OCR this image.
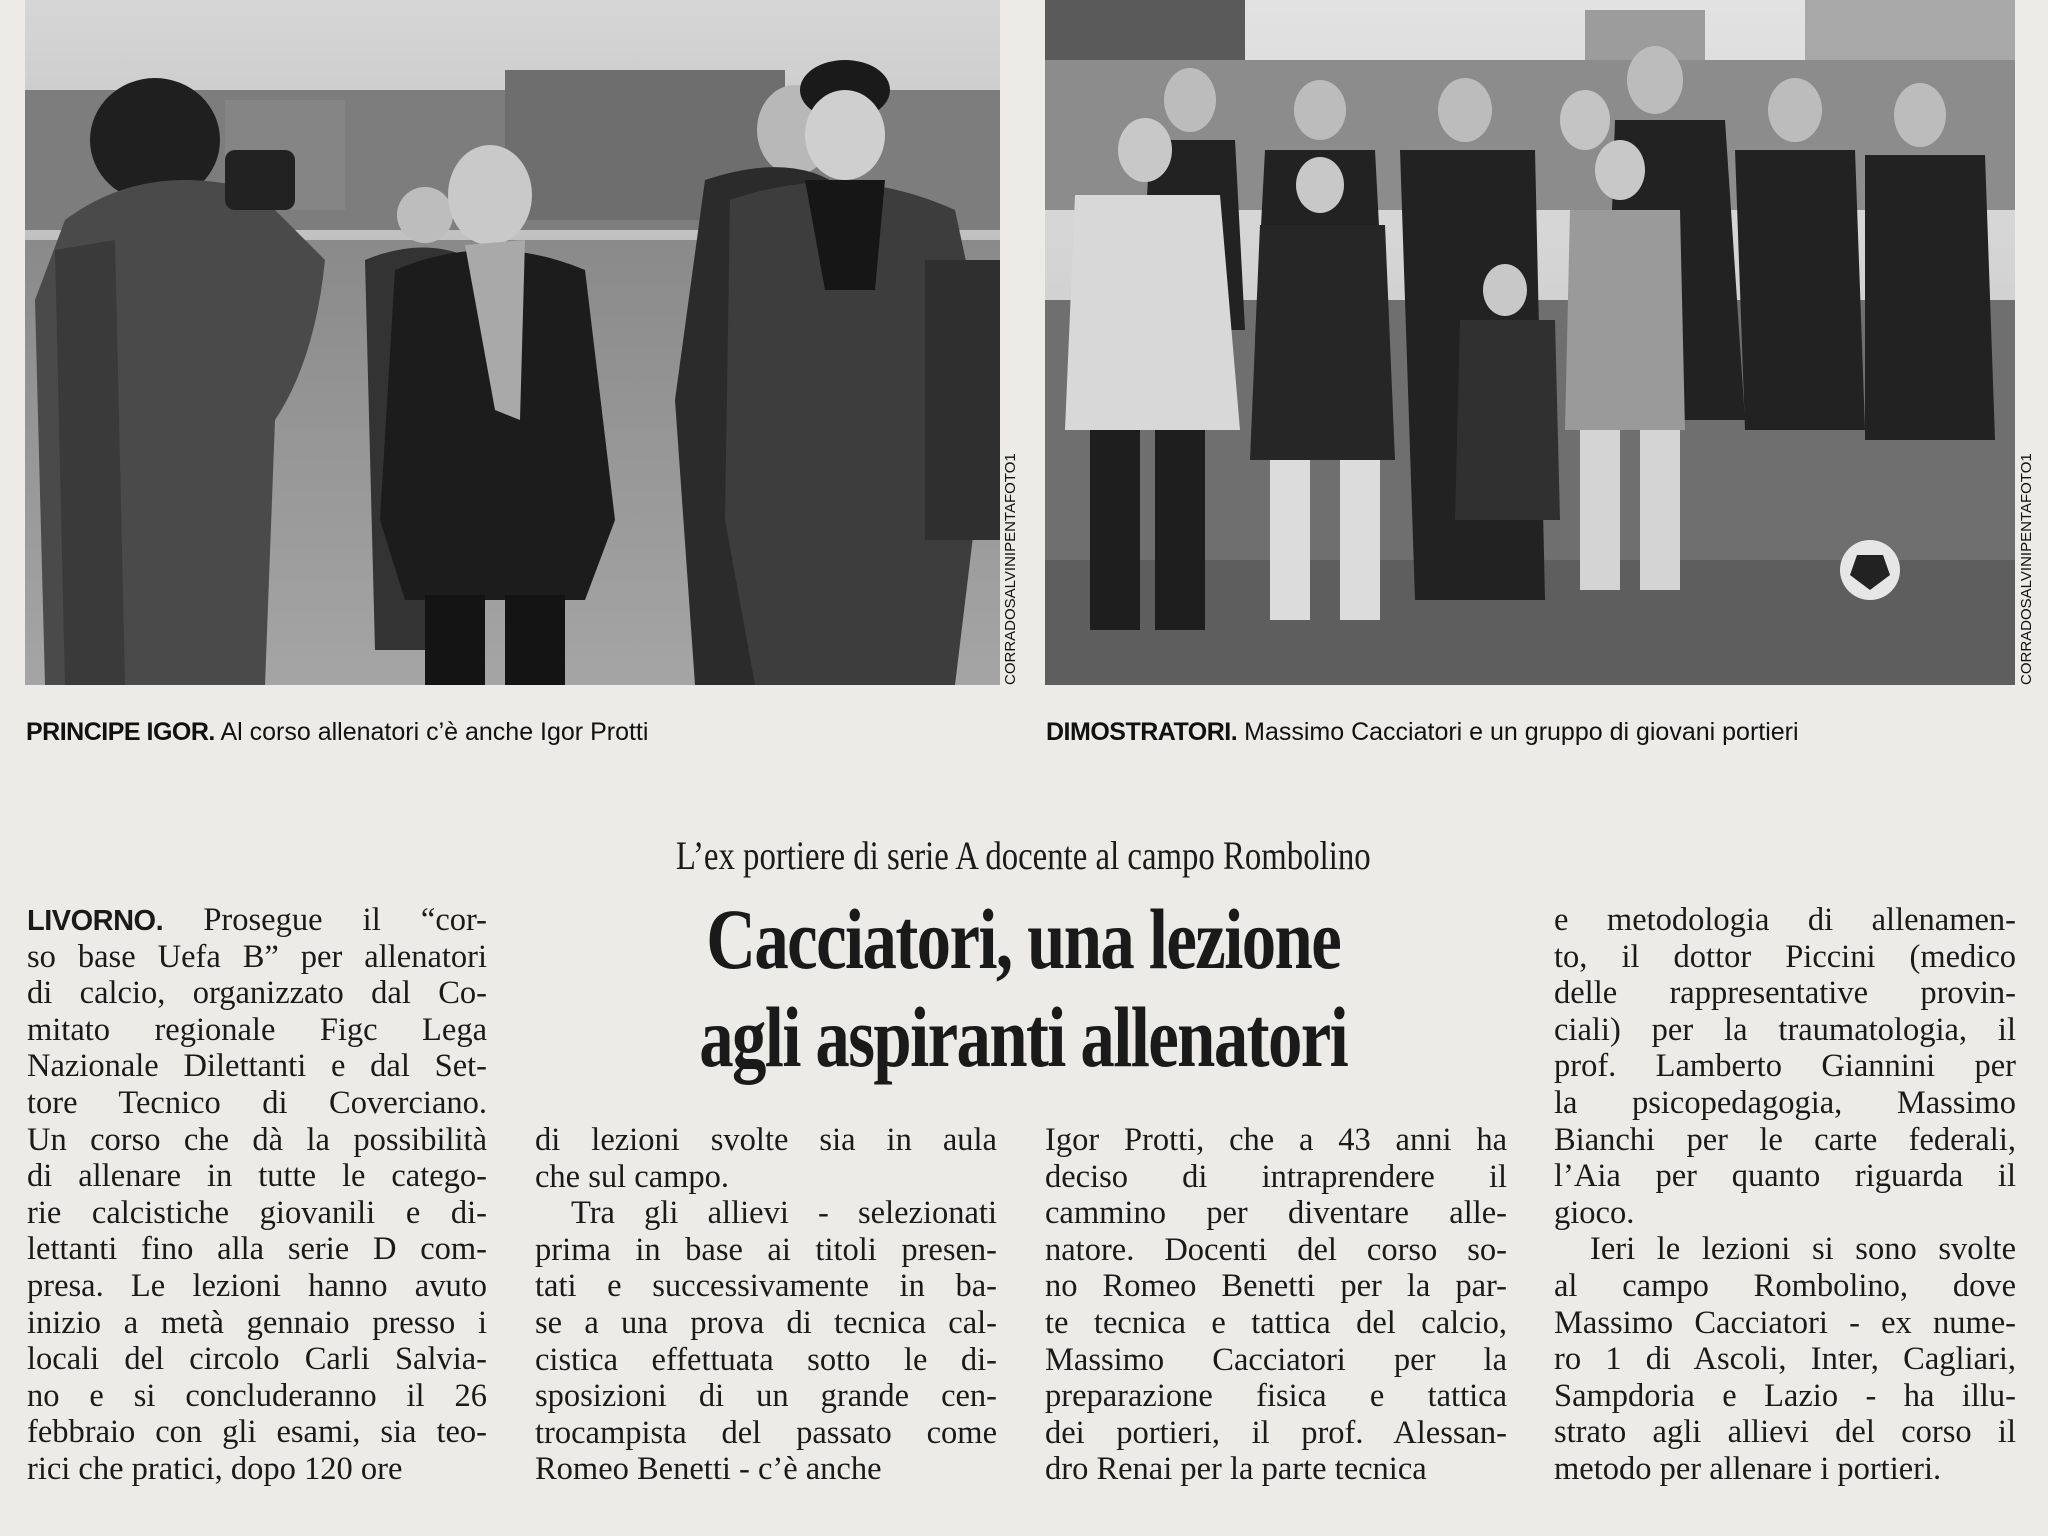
CORRADOSALVINIPENTAFOTO1	CORRADOSALVINIPENTAFOTO1
PRINCIPE IGOR. Al corso allenatori c’è anche Igor Protti	DIMOSTRATORI. Massimo Cacciatori e un gruppo di giovani portieri
L’ex portiere di serie A docente al campo Rombolino
Cacciatori, una lezione
agli aspiranti allenatori
LIVORNO. Prosegue il “cor-
so base Uefa B” per allenatori
di calcio, organizzato dal Co-
mitato regionale Figc Lega
Nazionale Dilettanti e dal Set-
tore Tecnico di Coverciano.
Un corso che dà la possibilità
di allenare in tutte le catego-
rie calcistiche giovanili e di-
lettanti fino alla serie D com-
presa. Le lezioni hanno avuto
inizio a metà gennaio presso i
locali del circolo Carli Salvia-
no e si concluderanno il 26
febbraio con gli esami, sia teo-
rici che pratici, dopo 120 ore
di lezioni svolte sia in aula
che sul campo.
Tra gli allievi - selezionati
prima in base ai titoli presen-
tati e successivamente in ba-
se a una prova di tecnica cal-
cistica effettuata sotto le di-
sposizioni di un grande cen-
trocampista del passato come
Romeo Benetti - c’è anche
Igor Protti, che a 43 anni ha
deciso di intraprendere il
cammino per diventare alle-
natore. Docenti del corso so-
no Romeo Benetti per la par-
te tecnica e tattica del calcio,
Massimo Cacciatori per la
preparazione fisica e tattica
dei portieri, il prof. Alessan-
dro Renai per la parte tecnica
e metodologia di allenamen-
to, il dottor Piccini (medico
delle rappresentative provin-
ciali) per la traumatologia, il
prof. Lamberto Giannini per
la psicopedagogia, Massimo
Bianchi per le carte federali,
l’Aia per quanto riguarda il
gioco.
Ieri le lezioni si sono svolte
al campo Rombolino, dove
Massimo Cacciatori - ex nume-
ro 1 di Ascoli, Inter, Cagliari,
Sampdoria e Lazio - ha illu-
strato agli allievi del corso il
metodo per allenare i portieri.
